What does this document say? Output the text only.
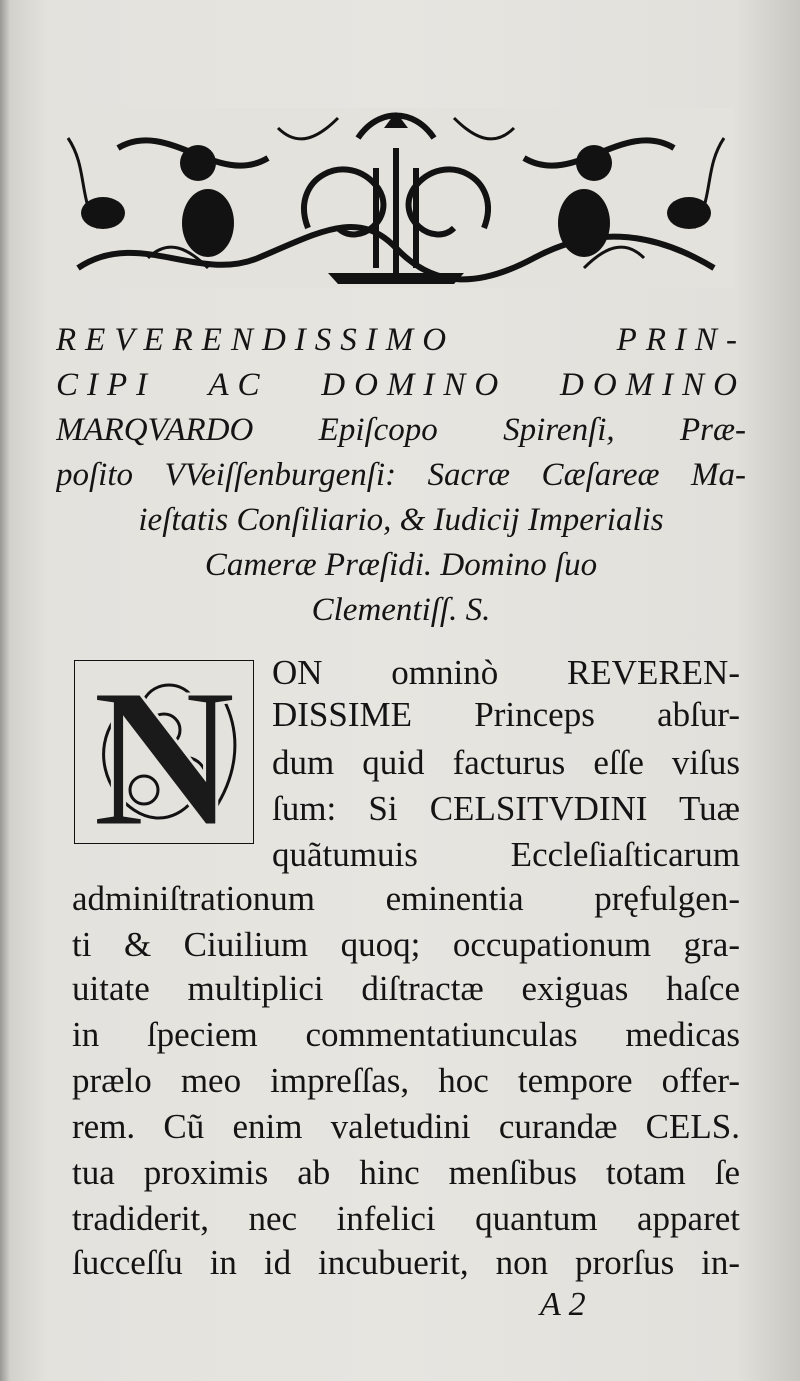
REVERENDISSIMO PRIN-
CIPI AC DOMINO DOMINO
MARQVARDO Epiſcopo Spirenſi, Præ-
poſito VVeiſſenburgenſi: Sacræ Cæſareæ Ma-
ieſtatis Conſiliario, & Iudicij Imperialis
Cameræ Præſidi. Domino ſuo
Clementiſſ. S.
N ON omninò REVEREN-
DISSIME Princeps abſur-
dum quid facturus eſſe viſus
ſum: Si CELSITVDINI Tuæ
quãtumuis Eccleſiaſticarum
adminiſtrationum eminentia pręfulgen-
ti & Ciuilium quoq; occupationum gra-
uitate multiplici diſtractæ exiguas haſce
in ſpeciem commentatiunculas medicas
prælo meo impreſſas, hoc tempore offer-
rem. Cũ enim valetudini curandæ CELS.
tua proximis ab hinc menſibus totam ſe
tradiderit, nec infelici quantum apparet
ſucceſſu in id incubuerit, non prorſus in-
A 2
